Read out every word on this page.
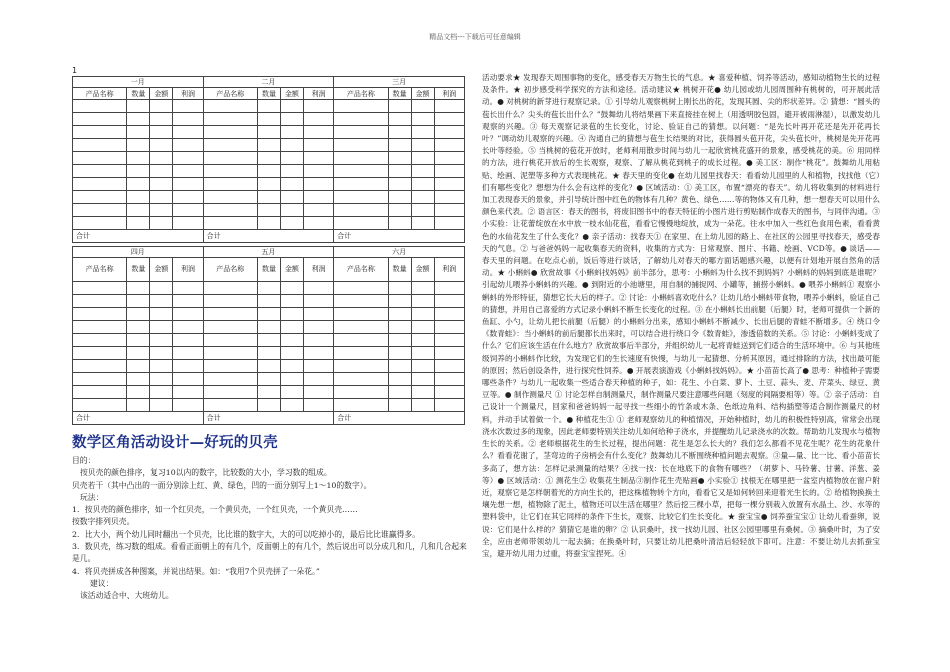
精品文档---下载后可任意编辑
1
一月				二月				三月			
产品名称	数量	金额	利润	产品名称	数量	金额	利润	产品名称	数量	金额	利润

合计				合计				合计			
四月				五月				六月			
产品名称	数量	金额	利润	产品名称	数量	金额	利润	产品名称	数量	金额	利润

合计				合计				合计			
数学区角活动设计—好玩的贝壳

目的：

按贝壳的颜色排序，复习10以内的数字，比较数的大小，学习数的组成。

贝壳若干（其中凸出的一面分别涂上红、黄、绿色，凹的一面分别写上1～10的数字）。

玩法：

1．按贝壳的颜色排序，如一个红贝壳，一个黄贝壳，一个红贝壳，一个黄贝壳……

按数字排列贝壳。

2．比大小，两个幼儿同时翻出一个贝壳，比比谁的数字大，大的可以吃掉小的，最后比比谁赢得多。

3．数贝壳，练习数的组成。看看正面朝上的有几个，反面朝上的有几个，然后说出可以分成几和几，几和几合起来是几。

4．将贝壳拼成各种图案，并说出结果。如：“我用7个贝壳拼了一朵花。”

建议：

该活动适合中、大班幼儿。

活动要求★ 发现春天周围事物的变化，感受春天万物生长的气息。★ 喜爱种植、饲养等活动，感知动植物生长的过程及条件。★ 初步感受科学探究的方法和途径。活动建议★ 桃树开花● 幼儿园或幼儿园周围种有桃树的，可开展此活动。● 对桃树的新芽进行观察记录。① 引导幼儿观察桃树上刚长出的花，发现其圆、尖的形状差异。② 猜想：“圆头的苞长出什么？尖头的苞长出什么？”鼓舞幼儿将结果画下来直接挂在树上（用透明胶包固，避开被雨淋湿），以激发幼儿观察的兴趣。③ 每天观察记录苞的生长变化，讨论、验证自己的猜想。以问题：“是先长叶再开花还是先开花再长叶？”调动幼儿观察的兴趣。④ 沟通自己的猜想与苞生长结果的对比，获得圆头苞开花，尖头苞长叶，桃树是先开花再长叶等经验。⑤ 当桃树的苞花开放时，老师利用散步时间与幼儿一起欣赏桃花盛开的景象，感受桃花的美。⑥ 用同样的方法，进行桃花开放后的生长观察，观察、了解从桃花到桃子的成长过程。● 美工区：制作“桃花”。鼓舞幼儿用粘贴、绘画、泥塑等多种方式表现桃花。★ 春天里的变化● 在幼儿园里找春天：看看幼儿园里的人和植物，找找他（它）们有哪些变化？想想为什么会有这样的变化？● 区域活动：① 美工区，布置“漂亮的春天”。幼儿将收集到的材料进行加工表现春天的景象，并引导统计图中红色的物体有几种？黄色、绿色……等的物体又有几种，想一想春天可以用什么颜色来代表。② 语言区：春天的图书，将废旧图书中的春天特征的小图片进行剪贴制作成春天的图书，与同伴沟通。③ 小实验：让花蕾绽放在水中放一枝水仙花苞，看看它慢慢地绽放，成为一朵花。往水中加入一些红色食用色素，看看黄色的水仙花发生了什么变化？● 亲子活动：找春天① 在家里、在上幼儿园的路上、在社区的公园里寻找春天，感受春天的气息。② 与爸爸妈妈一起收集春天的资料，收集的方式为：日常观察、图片、书籍、绘画、VCD等。● 谈话——春天里的问题。在吃点心前，饭后等进行谈话，了解幼儿对春天的哪方面话题感兴趣，以便有计划地开展自然角的活动。★ 小蝌蚪● 欣赏故事《小蝌蚪找妈妈》前半部分，思考：小蝌蚪为什么找不到妈妈？小蝌蚪的妈妈到底是谁呢？引起幼儿喂养小蝌蚪的兴趣。● 到附近的小池塘里，用自制的捕捉网、小罐等，捕捞小蝌蚪。● 喂养小蝌蚪① 观察小蝌蚪的外形特征，猜想它长大后的样子。② 讨论：小蝌蚪喜欢吃什么？让幼儿给小蝌蚪带食物，喂养小蝌蚪，验证自己的猜想，并用自己喜爱的方式记录小蝌蚪不断生长变化的过程。③ 在小蝌蚪长出前腿（后腿）时，老师可提供一个新的鱼缸、小勺，让幼儿把长前腿（后腿）的小蝌蚪分出来，感知小蝌蚪不断减少、长出后腿的青蛙不断增多。④ 绕口令《数青蛙》：当小蝌蚪的前后腿都长出来时，可以结合进行绕口令《数青蛙》，渗透倍数的关系。⑤ 讨论：小蝌蚪变成了什么？它们应该生活在什么地方？欣赏故事后半部分，并组织幼儿一起将青蛙送到它们适合的生活环境中。⑥ 与其他班级饲养的小蝌蚪作比较，为发现它们的生长速度有快慢，与幼儿一起猜想、分析其原因，通过排除的方法，找出最可能的原因；然后创设条件，进行探究性饲养。● 开展表演游戏《小蝌蚪找妈妈》。★ 小苗苗长高了● 思考：种植种子需要哪些条件？与幼儿一起收集一些适合春天种植的种子，如：花生、小白菜、萝卜、土豆、蒜头、麦、芹菜头、绿豆、黄豆等。● 制作测量尺 ① 讨论怎样自制测量尺，制作测量尺要注意哪些问题（刻度的间隔要相等）等。② 亲子活动：自己设计一个测量尺，回家和爸爸妈妈一起寻找一些细小的竹条或木条、色纸边角料、结构插塑等适合制作测量尺的材料，并动手试着做一个。● 种植花生① ① 老师观察幼儿的种植情况，开始种植时，幼儿的积极性特别高，常常会出现浇水次数过多的现象，因此老师要特别关注幼儿如何给种子浇水，并提醒幼儿记录浇水的次数。帮助幼儿发现水与植物生长的关系。② 老师根据花生的生长过程，提出问题：花生是怎么长大的？我们怎么都看不见花生呢？花生的花象什么？看看花谢了，茎弯边的子房柄会有什么变化？鼓舞幼儿不断围绕种植问题去观察。③量—量、比一比、看小苗苗长多高了，想方法：怎样记录测量的结果？④找一找：长在地底下的食物有哪些？（胡萝卜、马铃薯、甘薯、洋葱、姜等）● 区域活动：① 测花生② 收集花生制品③制作花生壳贴画● 小实验① 找根无在哪里把一盆室内植物放在窗户附近，观察它是怎样朝着光的方向生长的，把这株植物转个方向，看看它又是如何转回来迎着光生长的。② 给植物换换土壤先想一想，植物除了泥土，植物还可以生活在哪里？然后挖三棵小草，把每一棵分别栽入放置有水晶土、沙、水等的塑料袋中，让它们在其它同样的条件下生长，观察、比较它们生长变化。★ 蚕宝宝● 饲养蚕宝宝① 让幼儿看蚕卵，说说：它们是什么样的？猜猜它是谁的卵？② 认识桑叶，找一找幼儿园、社区公园里哪里有桑树。③ 摘桑叶时，为了安全，应由老师带领幼儿一起去摘；在换桑叶时，只要让幼儿把桑叶清洁后轻轻放下即可。注意：不要让幼儿去抓蚕宝宝，避开幼儿用力过重，将蚕宝宝捏死。④
